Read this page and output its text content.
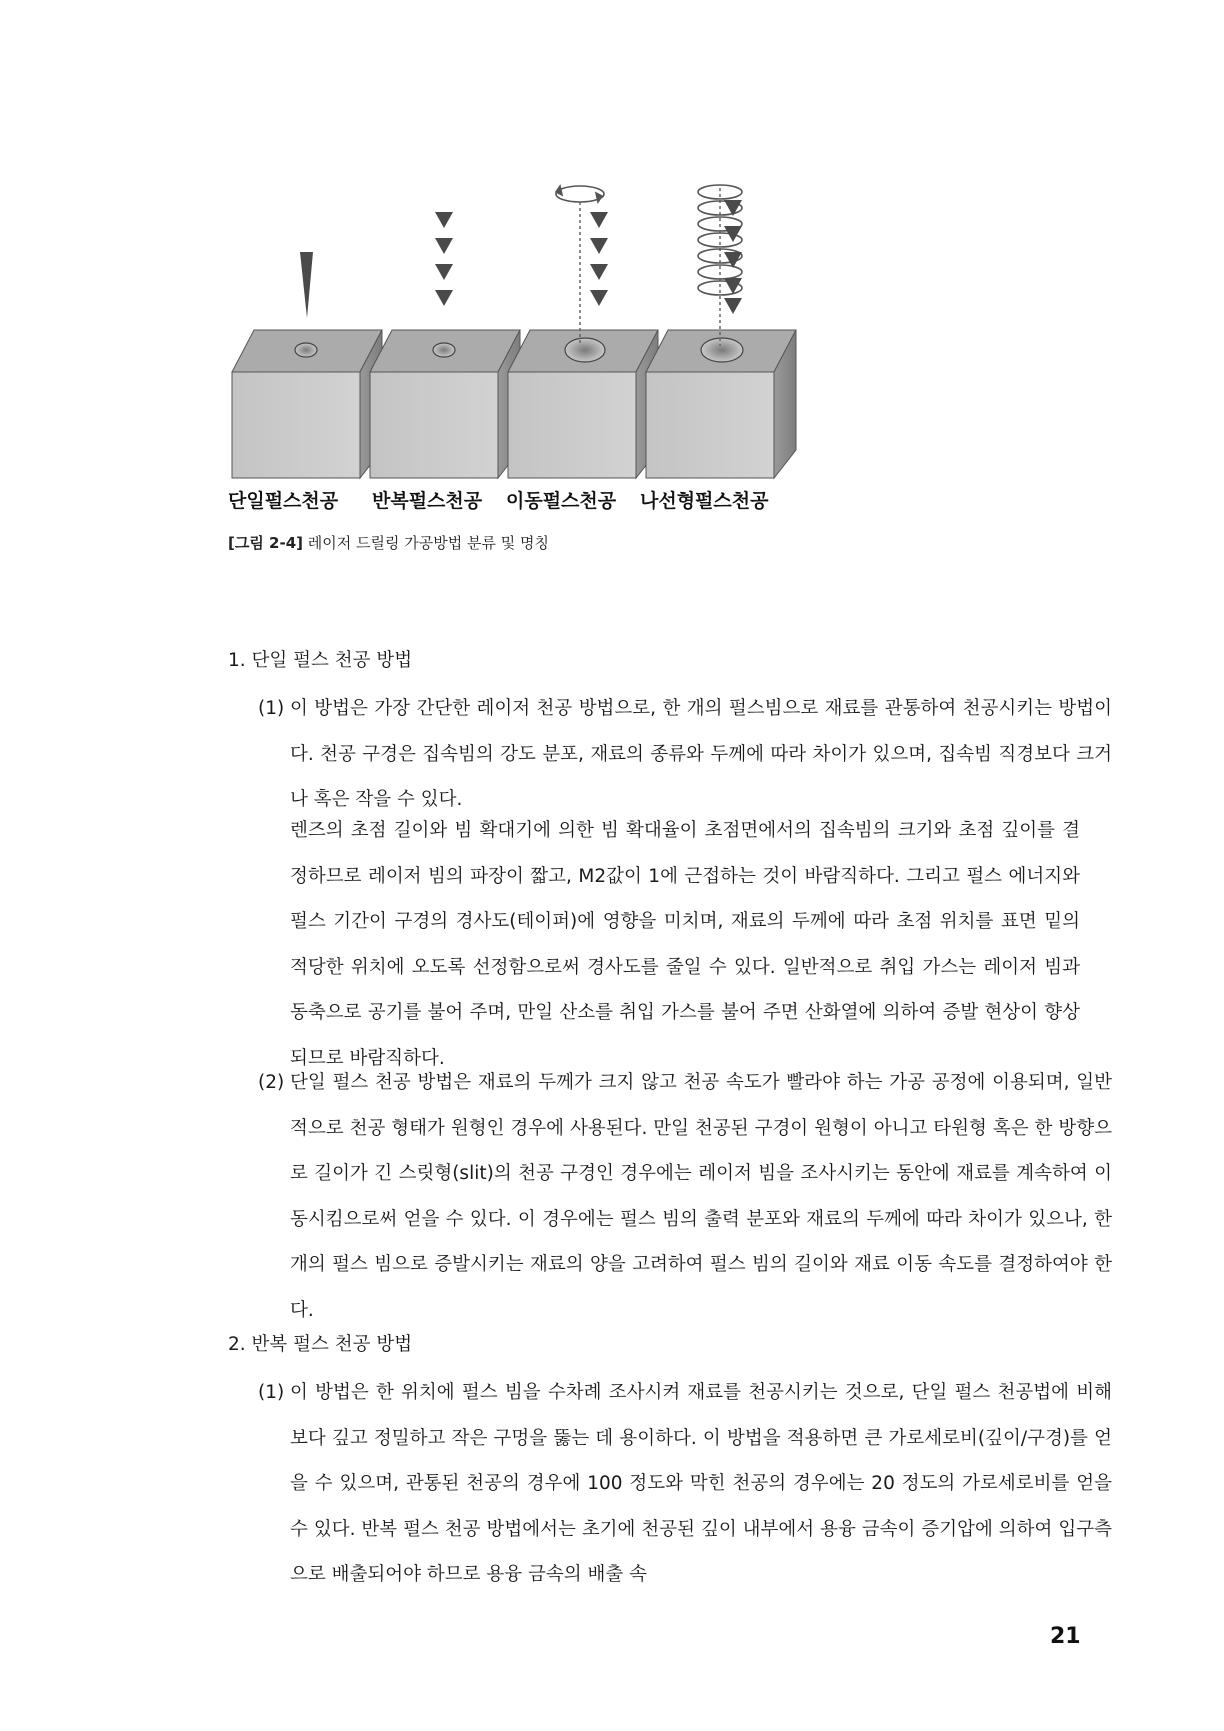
단일펄스천공 반복펄스천공 이동펄스천공 나선형펄스천공
[그림 2-4] 레이저 드릴링 가공방법 분류 및 명칭
1. 단일 펄스 천공 방법
(1) 이 방법은 가장 간단한 레이저 천공 방법으로, 한 개의 펄스빔으로 재료를 관통하여 천공시키는 방법이다. 천공 구경은 집속빔의 강도 분포, 재료의 종류와 두께에 따라 차이가 있으며, 집속빔 직경보다 크거나 혹은 작을 수 있다.
렌즈의 초점 길이와 빔 확대기에 의한 빔 확대율이 초점면에서의 집속빔의 크기와 초점 깊이를 결정하므로 레이저 빔의 파장이 짧고, M2값이 1에 근접하는 것이 바람직하다. 그리고 펄스 에너지와 펄스 기간이 구경의 경사도(테이퍼)에 영향을 미치며, 재료의 두께에 따라 초점 위치를 표면 밑의 적당한 위치에 오도록 선정함으로써 경사도를 줄일 수 있다. 일반적으로 취입 가스는 레이저 빔과 동축으로 공기를 불어 주며, 만일 산소를 취입 가스를 불어 주면 산화열에 의하여 증발 현상이 향상되므로 바람직하다.
(2) 단일 펄스 천공 방법은 재료의 두께가 크지 않고 천공 속도가 빨라야 하는 가공 공정에 이용되며, 일반적으로 천공 형태가 원형인 경우에 사용된다. 만일 천공된 구경이 원형이 아니고 타원형 혹은 한 방향으로 길이가 긴 스릿형(slit)의 천공 구경인 경우에는 레이저 빔을 조사시키는 동안에 재료를 계속하여 이동시킴으로써 얻을 수 있다. 이 경우에는 펄스 빔의 출력 분포와 재료의 두께에 따라 차이가 있으나, 한 개의 펄스 빔으로 증발시키는 재료의 양을 고려하여 펄스 빔의 길이와 재료 이동 속도를 결정하여야 한다.
2. 반복 펄스 천공 방법
(1) 이 방법은 한 위치에 펄스 빔을 수차례 조사시켜 재료를 천공시키는 것으로, 단일 펄스 천공법에 비해 보다 깊고 정밀하고 작은 구멍을 뚫는 데 용이하다. 이 방법을 적용하면 큰 가로세로비(깊이/구경)를 얻을 수 있으며, 관통된 천공의 경우에 100 정도와 막힌 천공의 경우에는 20 정도의 가로세로비를 얻을 수 있다. 반복 펄스 천공 방법에서는 초기에 천공된 깊이 내부에서 용융 금속이 증기압에 의하여 입구측으로 배출되어야 하므로 용융 금속의 배출 속
21
